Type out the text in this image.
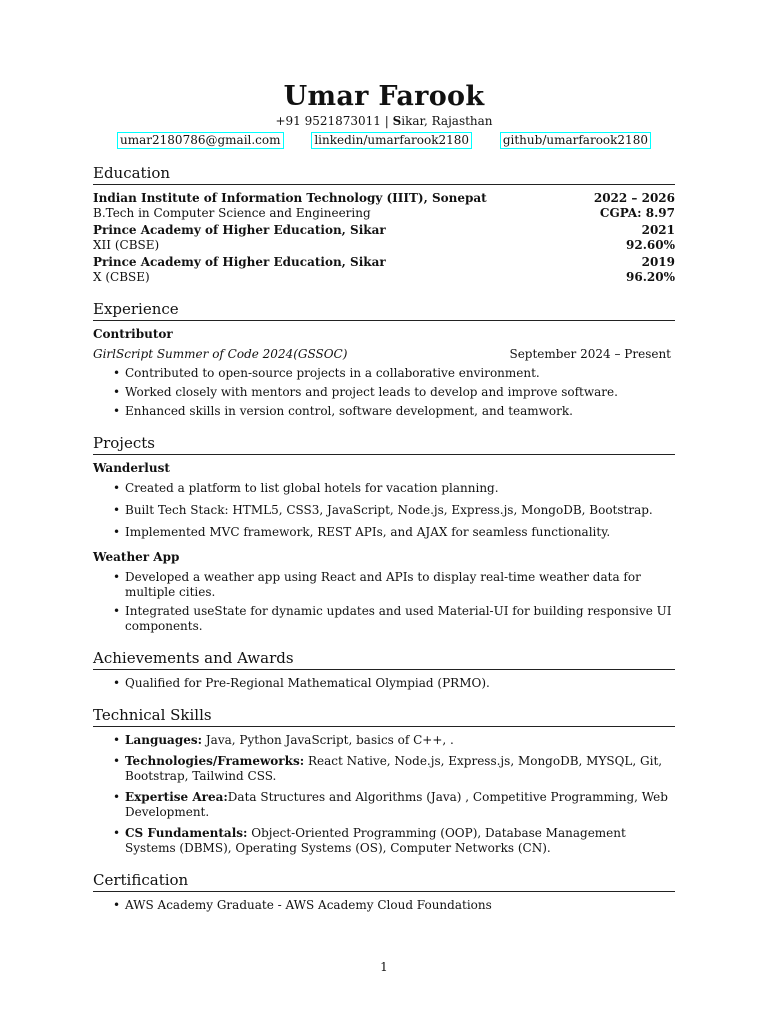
Umar Farook
+91 9521873011 | Sikar, Rajasthan
umar2180786@gmail.com	linkedin/umarfarook2180	github/umarfarook2180
Education
Indian Institute of Information Technology (IIIT), Sonepat	2022 – 2026
B.Tech in Computer Science and Engineering	CGPA: 8.97
Prince Academy of Higher Education, Sikar	2021
XII (CBSE)	92.60%
Prince Academy of Higher Education, Sikar	2019
X (CBSE)	96.20%
Experience
Contributor
GirlScript Summer of Code 2024(GSSOC)	September 2024 – Present
• Contributed to open-source projects in a collaborative environment.
• Worked closely with mentors and project leads to develop and improve software.
• Enhanced skills in version control, software development, and teamwork.
Projects
Wanderlust
• Created a platform to list global hotels for vacation planning.
• Built Tech Stack: HTML5, CSS3, JavaScript, Node.js, Express.js, MongoDB, Bootstrap.
• Implemented MVC framework, REST APIs, and AJAX for seamless functionality.
Weather App
• Developed a weather app using React and APIs to display real-time weather data for multiple cities.
• Integrated useState for dynamic updates and used Material-UI for building responsive UI components.
Achievements and Awards
• Qualified for Pre-Regional Mathematical Olympiad (PRMO).
Technical Skills
• Languages: Java, Python JavaScript, basics of C++, .
• Technologies/Frameworks: React Native, Node.js, Express.js, MongoDB, MYSQL, Git, Bootstrap, Tailwind CSS.
• Expertise Area:Data Structures and Algorithms (Java) , Competitive Programming, Web Development.
• CS Fundamentals: Object-Oriented Programming (OOP), Database Management Systems (DBMS), Operating Systems (OS), Computer Networks (CN).
Certification
• AWS Academy Graduate - AWS Academy Cloud Foundations
1
